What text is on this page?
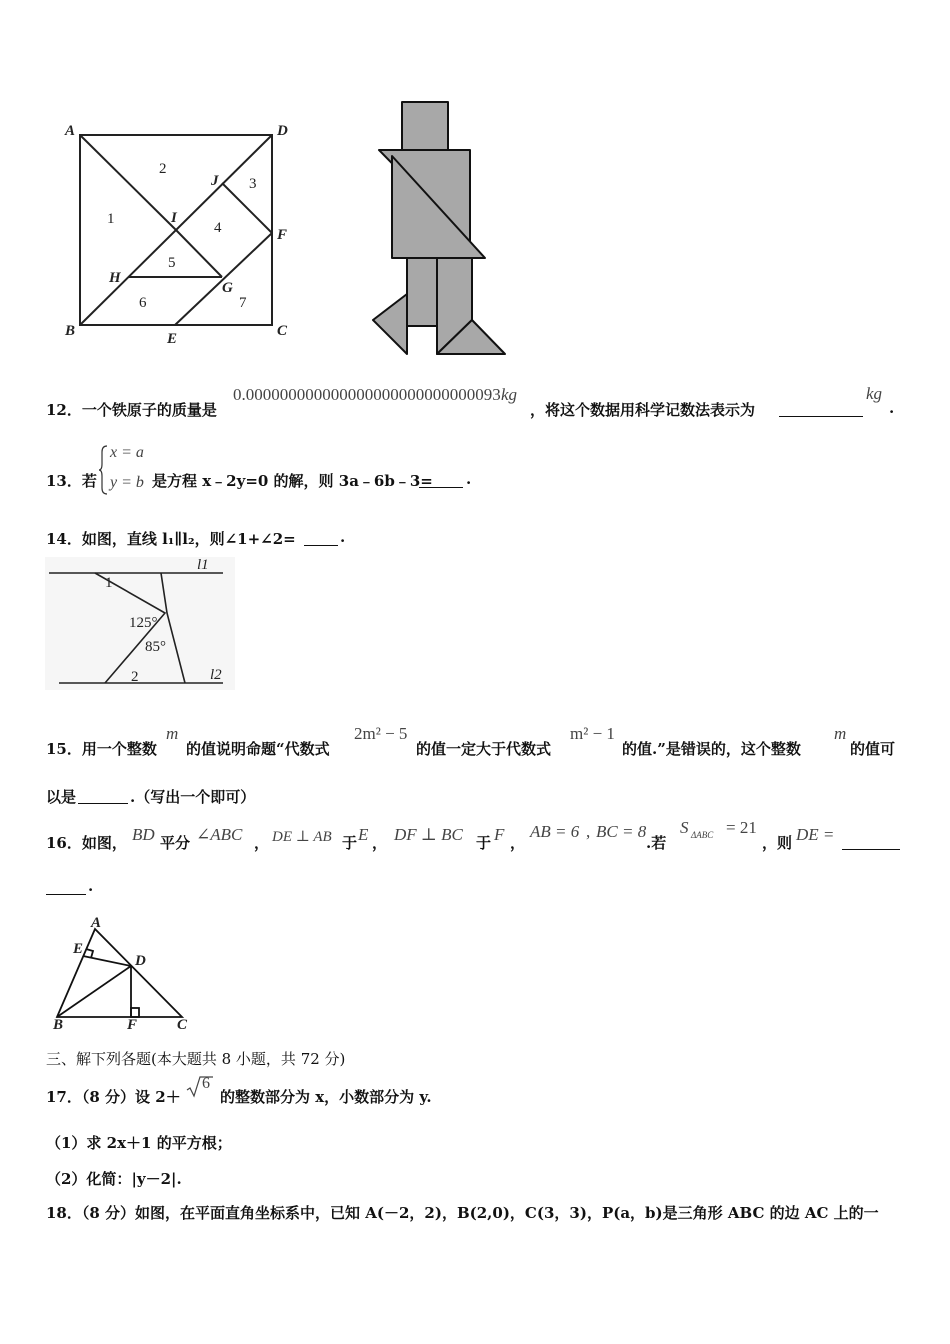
A	D
B	C
E
F
G
H
I
J
1
2
3
4
5
6	7
12．一个铁原子的质量是
0.000000000000000000000000000093 kg
，将这个数据用科学记数法表示为
kg
.
13．若
x = a
y = b 是方程 x﹣2y=0 的解，则 3a﹣6b﹣3= .
14．如图，直线 l₁∥l₂，则∠1+∠2=	.
l1
l2
1
2
125°
85°
15．用一个整数
m
的值说明命题“代数式
2m² − 5
的值一定大于代数式
m² − 1
的值.”是错误的，这个整数
m
的值可
以是	.（写出一个即可）
16．如图， BD 平分 ∠ABC ， DE ⊥ AB 于 E ， DF ⊥ BC 于 F ，
AB = 6 , BC = 8
.若
S ΔABC = 21
，则 DE =
.
A
E
D
B	F	C
三、解下列各题(本大题共 8 小题，共 72 分)
17．（8 分）设 2＋
6
的整数部分为 x，小数部分为 y.
（1）求 2x＋1 的平方根；
（2）化简：|y－2|.
18．（8 分）如图，在平面直角坐标系中，已知 A(－2，2)，B(2,0)，C(3，3)，P(a，b)是三角形 ABC 的边 AC 上的一
